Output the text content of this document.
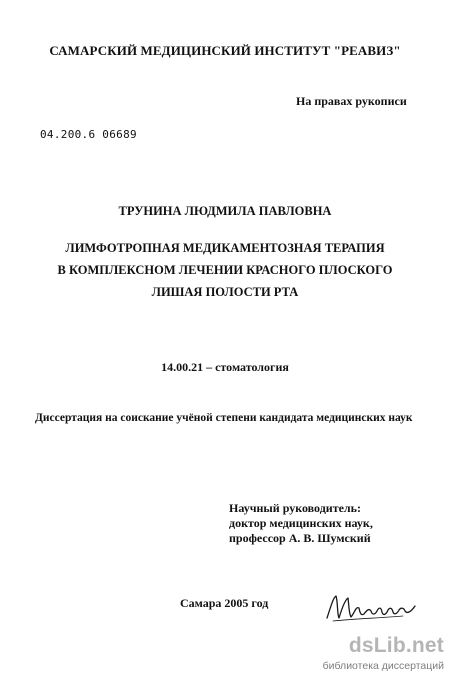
САМАРСКИЙ МЕДИЦИНСКИЙ ИНСТИТУТ "РЕАВИЗ"
На правах рукописи
04.200.6 06689
ТРУНИНА ЛЮДМИЛА ПАВЛОВНА
ЛИМФОТРОПНАЯ МЕДИКАМЕНТОЗНАЯ ТЕРАПИЯ
В КОМПЛЕКСНОМ ЛЕЧЕНИИ КРАСНОГО ПЛОСКОГО
ЛИШАЯ ПОЛОСТИ РТА
14.00.21 – стоматология
Диссертация на соискание учёной степени кандидата медицинских наук
Научный руководитель:
доктор медицинских наук,
профессор А. В. Шумский
Самара 2005 год
dsLib.net
библиотека диссертаций
